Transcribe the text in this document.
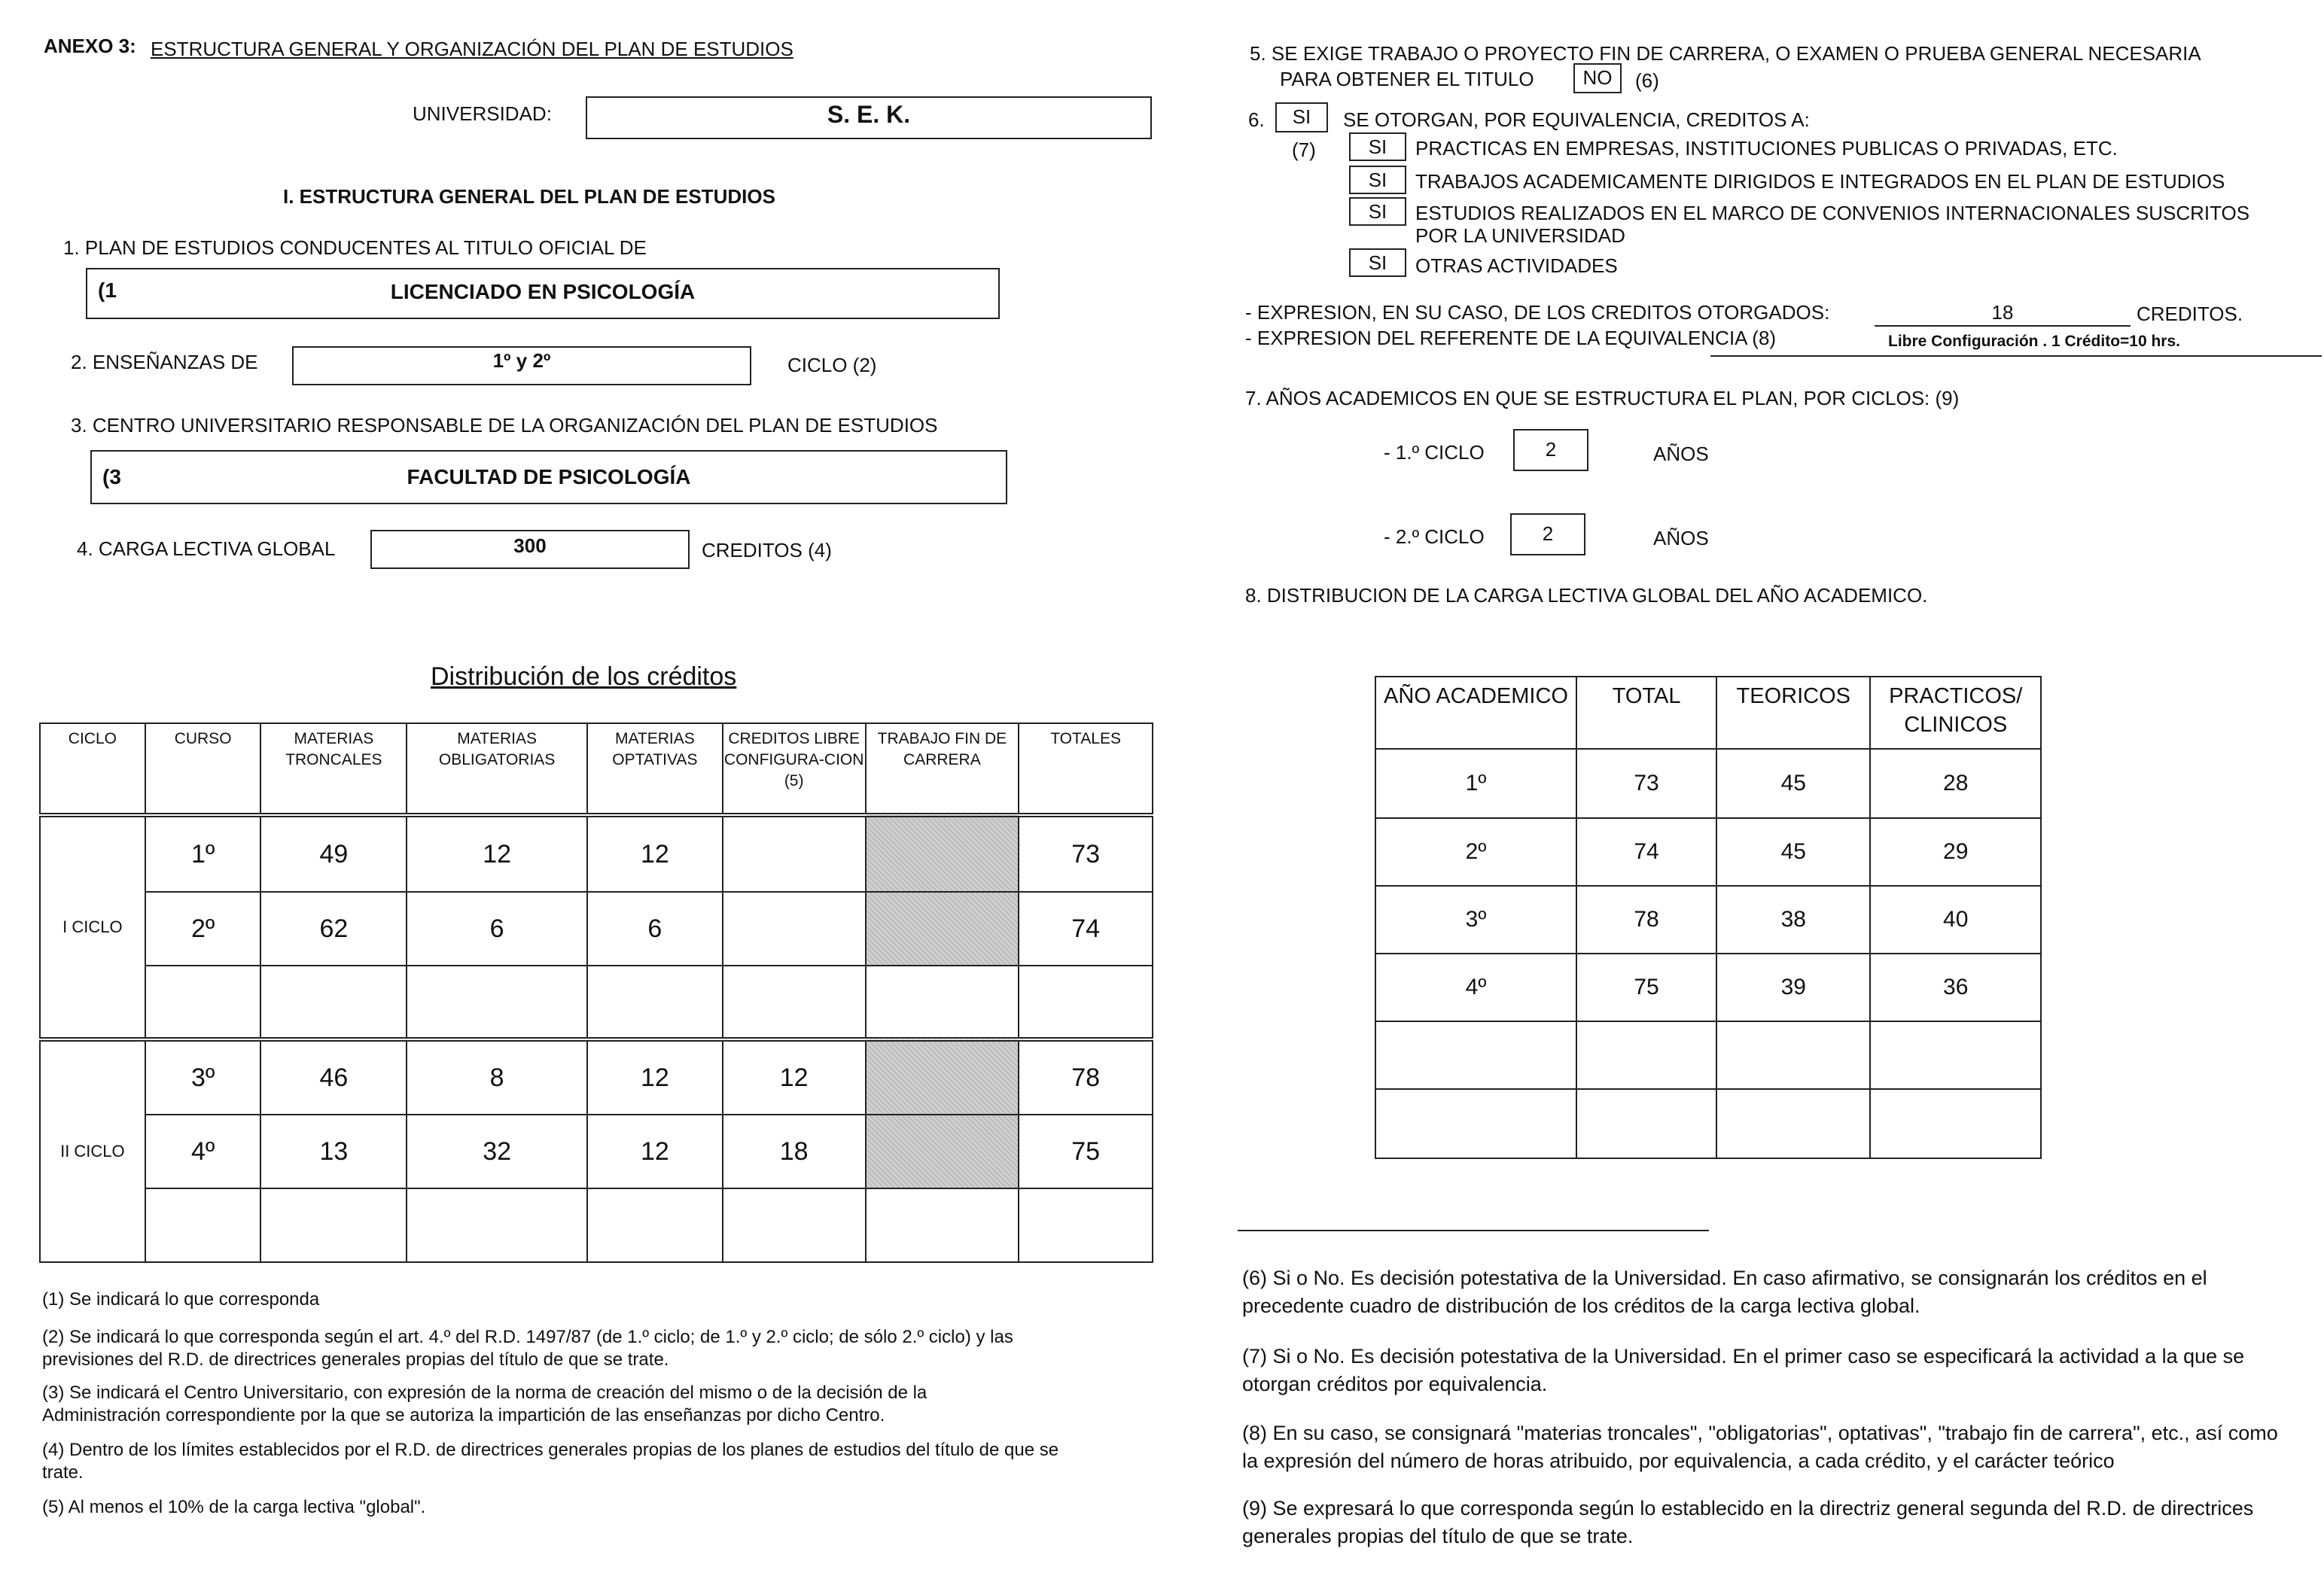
ANEXO 3: ESTRUCTURA GENERAL Y ORGANIZACIÓN DEL PLAN DE ESTUDIOS
UNIVERSIDAD:	S. E. K.
I. ESTRUCTURA GENERAL DEL PLAN DE ESTUDIOS
1. PLAN DE ESTUDIOS CONDUCENTES AL TITULO OFICIAL DE
(1	LICENCIADO EN PSICOLOGÍA
2. ENSEÑANZAS DE	1º y 2º	CICLO (2)
3. CENTRO UNIVERSITARIO RESPONSABLE DE LA ORGANIZACIÓN DEL PLAN DE ESTUDIOS
(3	FACULTAD DE PSICOLOGÍA
4. CARGA LECTIVA GLOBAL	300	CREDITOS (4)
Distribución de los créditos
CICLO	CURSO	MATERIAS TRONCALES	MATERIAS OBLIGATORIAS	MATERIAS OPTATIVAS	CREDITOS LIBRE CONFIGURA-CION (5)	TRABAJO FIN DE CARRERA	TOTALES
I CICLO	1º	49	12	12			73
	2º	62	6	6			74

II CICLO	3º	46	8	12	12		78
	4º	13	32	12	18		75

(1) Se indicará lo que corresponda
(2) Se indicará lo que corresponda según el art. 4.º del R.D. 1497/87 (de 1.º ciclo; de 1.º y 2.º ciclo; de sólo 2.º ciclo) y las previsiones del R.D. de directrices generales propias del título de que se trate.
(3) Se indicará el Centro Universitario, con expresión de la norma de creación del mismo o de la decisión de la Administración correspondiente por la que se autoriza la impartición de las enseñanzas por dicho Centro.
(4) Dentro de los límites establecidos por el R.D. de directrices generales propias de los planes de estudios del título de que se trate.
(5) Al menos el 10% de la carga lectiva "global".
5. SE EXIGE TRABAJO O PROYECTO FIN DE CARRERA, O EXAMEN O PRUEBA GENERAL NECESARIA
PARA OBTENER EL TITULO	NO	(6)
6.	SI	SE OTORGAN, POR EQUIVALENCIA, CREDITOS A:
(7)	SI	PRACTICAS EN EMPRESAS, INSTITUCIONES PUBLICAS O PRIVADAS, ETC.
SI	TRABAJOS ACADEMICAMENTE DIRIGIDOS E INTEGRADOS EN EL PLAN DE ESTUDIOS
SI	ESTUDIOS REALIZADOS EN EL MARCO DE CONVENIOS INTERNACIONALES SUSCRITOS
POR LA UNIVERSIDAD
SI	OTRAS ACTIVIDADES
- EXPRESION, EN SU CASO, DE LOS CREDITOS OTORGADOS:	18	CREDITOS.
- EXPRESION DEL REFERENTE DE LA EQUIVALENCIA (8)	Libre Configuración . 1 Crédito=10 hrs.
7. AÑOS ACADEMICOS EN QUE SE ESTRUCTURA EL PLAN, POR CICLOS: (9)
- 1.º CICLO	2	AÑOS
- 2.º CICLO	2	AÑOS
8. DISTRIBUCION DE LA CARGA LECTIVA GLOBAL DEL AÑO ACADEMICO.
AÑO ACADEMICO	TOTAL	TEORICOS	PRACTICOS/ CLINICOS
1º	73	45	28
2º	74	45	29
3º	78	38	40
4º	75	39	36

(6) Si o No. Es decisión potestativa de la Universidad. En caso afirmativo, se consignarán los créditos en el precedente cuadro de distribución de los créditos de la carga lectiva global.
(7) Si o No. Es decisión potestativa de la Universidad. En el primer caso se especificará la actividad a la que se otorgan créditos por equivalencia.
(8) En su caso, se consignará "materias troncales", "obligatorias", optativas", "trabajo fin de carrera", etc., así como la expresión del número de horas atribuido, por equivalencia, a cada crédito, y el carácter teórico
(9) Se expresará lo que corresponda según lo establecido en la directriz general segunda del R.D. de directrices generales propias del título de que se trate.
